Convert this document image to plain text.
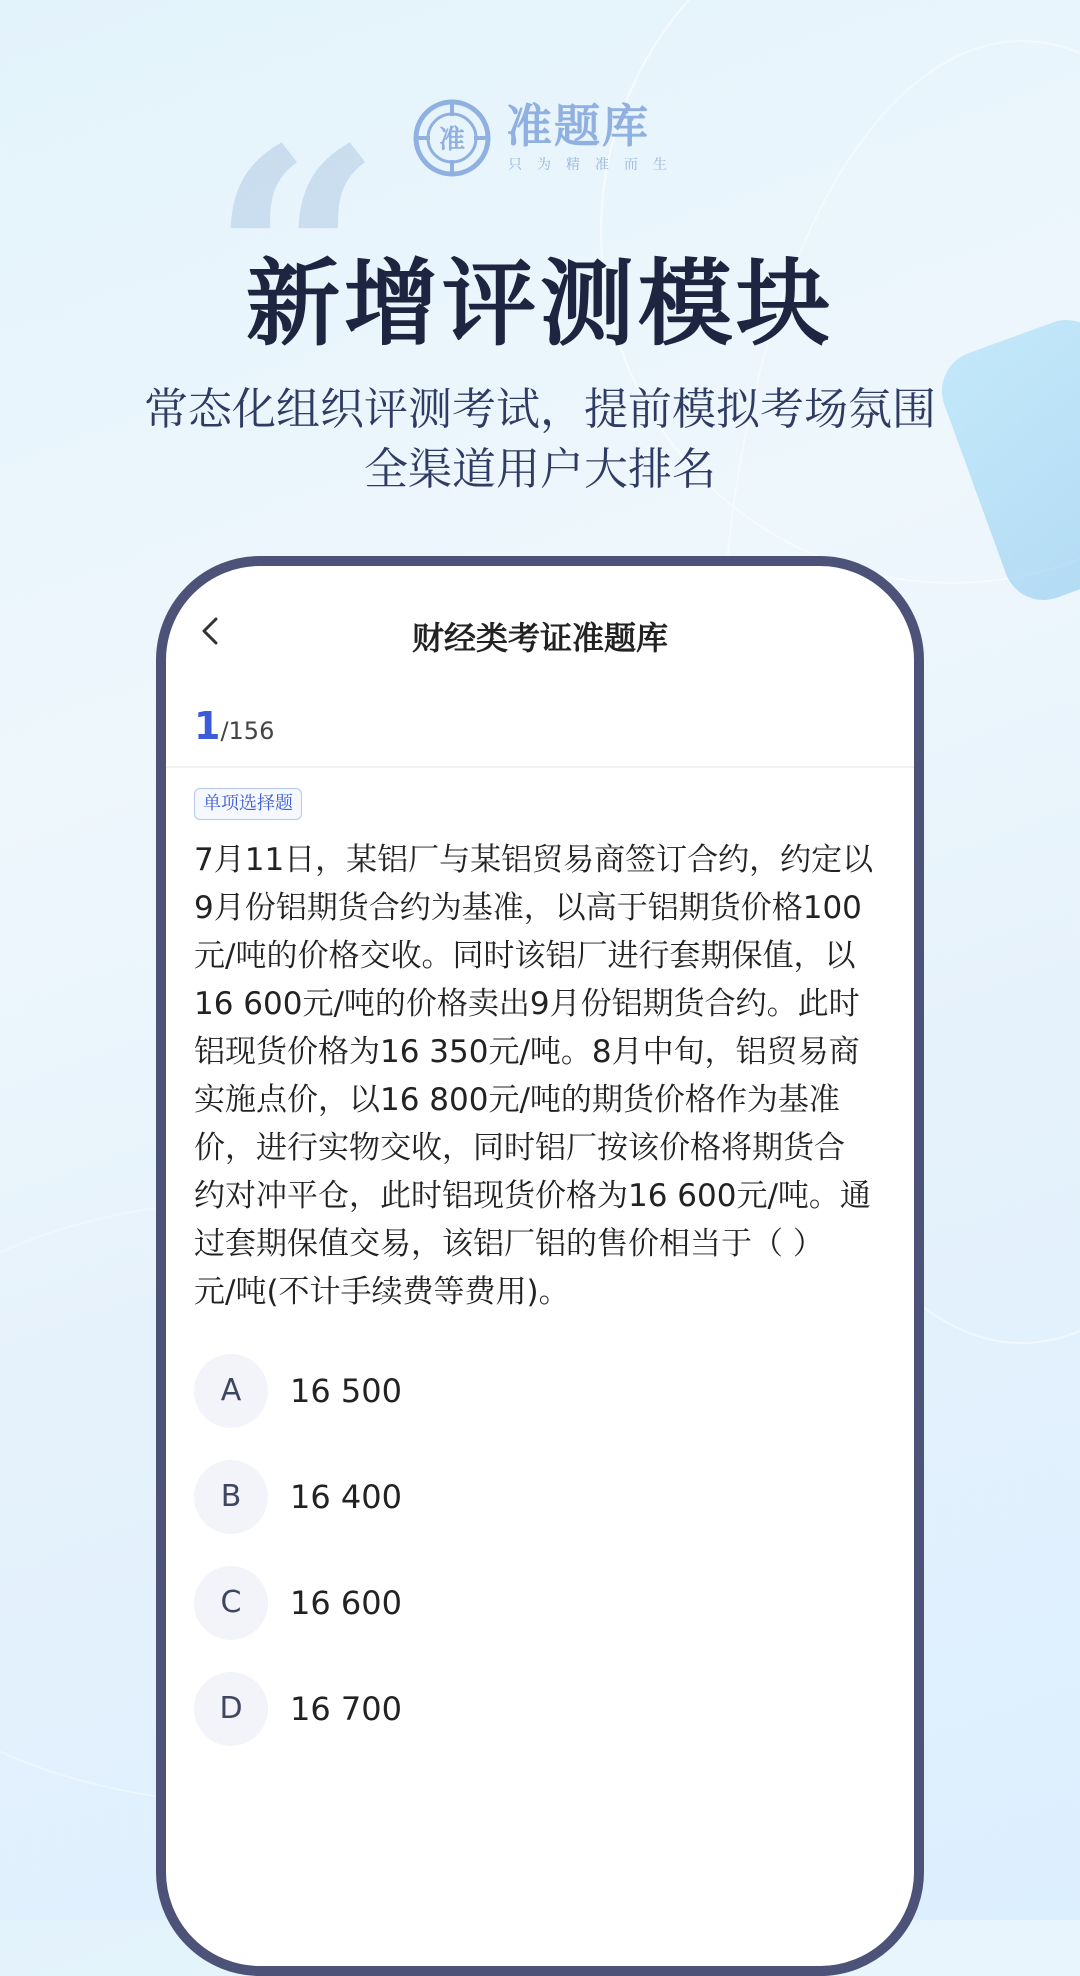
准 准题库
只为精准而生
“
新增评测模块
常态化组织评测考试，提前模拟考场氛围
全渠道用户大排名
财经类考证准题库
1/156
单项选择题
7月11日，某铝厂与某铝贸易商签订合约，约定以
9月份铝期货合约为基准，以高于铝期货价格100
元/吨的价格交收。同时该铝厂进行套期保值，以
16 600元/吨的价格卖出9月份铝期货合约。此时
铝现货价格为16 350元/吨。8月中旬，铝贸易商
实施点价，以16 800元/吨的期货价格作为基准
价，进行实物交收，同时铝厂按该价格将期货合
约对冲平仓，此时铝现货价格为16 600元/吨。通
过套期保值交易，该铝厂铝的售价相当于（ ）
元/吨(不计手续费等费用)。
A	16 500
B	16 400
C	16 600
D	16 700
